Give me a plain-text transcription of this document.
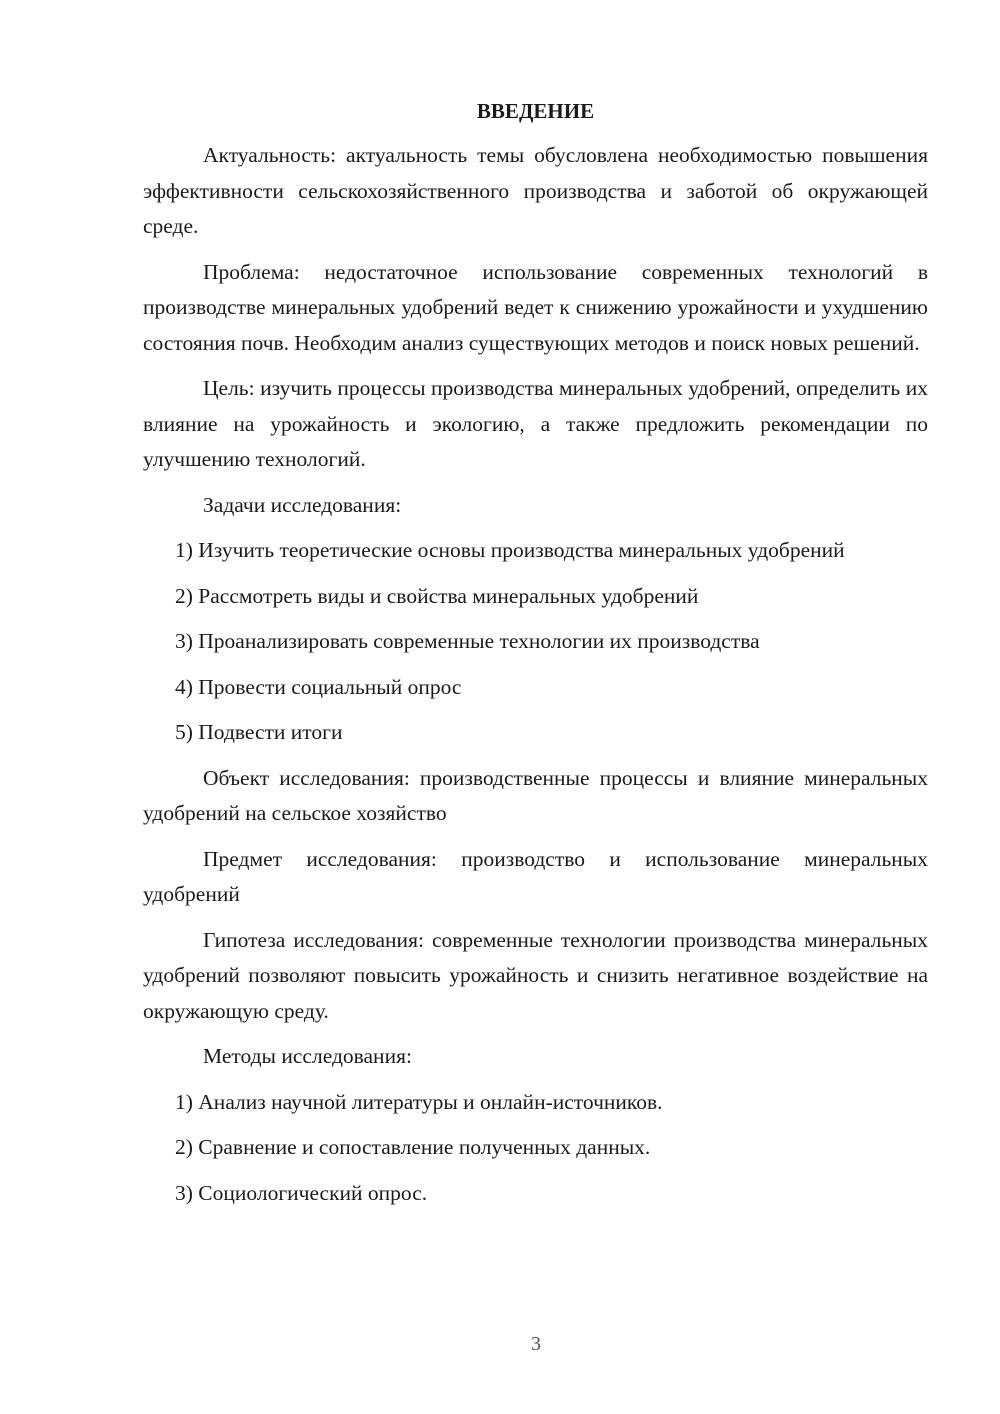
ВВЕДЕНИЕ

Актуальность: актуальность темы обусловлена необходимостью повышения эффективности сельскохозяйственного производства и заботой об окружающей среде.

Проблема: недостаточное использование современных технологий в производстве минеральных удобрений ведет к снижению урожайности и ухудшению состояния почв. Необходим анализ существующих методов и поиск новых решений.

Цель: изучить процессы производства минеральных удобрений, определить их влияние на урожайность и экологию, а также предложить рекомендации по улучшению технологий.

Задачи исследования:

1) Изучить теоретические основы производства минеральных удобрений

2) Рассмотреть виды и свойства минеральных удобрений

3) Проанализировать современные технологии их производства

4) Провести социальный опрос

5) Подвести итоги

Объект исследования: производственные процессы и влияние минеральных удобрений на сельское хозяйство

Предмет исследования: производство и использование минеральных удобрений

Гипотеза исследования: современные технологии производства минеральных удобрений позволяют повысить урожайность и снизить негативное воздействие на окружающую среду.

Методы исследования:

1) Анализ научной литературы и онлайн-источников.

2) Сравнение и сопоставление полученных данных.

3) Социологический опрос.

3
